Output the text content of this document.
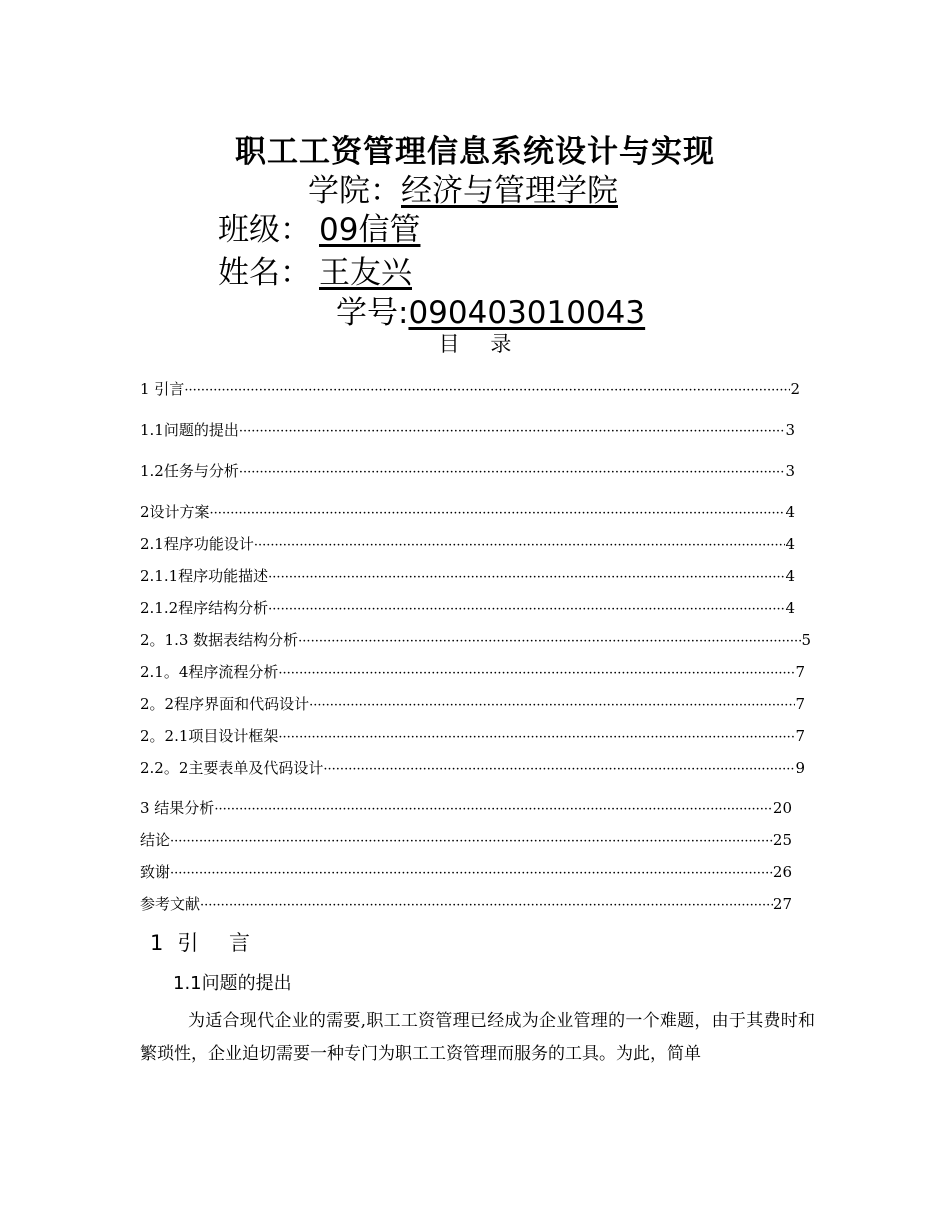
职工工资管理信息系统设计与实现
学院：经济与管理学院
班级： 09信管
姓名： 王友兴
学号:090403010043
目 录
1 引言 ·····	2
1.1问题的提出 ·····	3
1.2任务与分析 ·····	3
2设计方案 ·····	4
2.1程序功能设计 ·····	4
2.1.1程序功能描述 ·····	4
2.1.2程序结构分析 ·····	4
2。1.3 数据表结构分析 ·····	5
2.1。4程序流程分析 ·····	7
2。2程序界面和代码设计 ·····	7
2。2.1项目设计框架 ·····	7
2.2。2主要表单及代码设计 ·····	9
3 结果分析 ·····	20
结论 ·····	25
致谢 ·····	26
参考文献 ·····	27
1 引 言
1.1问题的提出
为适合现代企业的需要,职工工资管理已经成为企业管理的一个难题，由于其费时和繁琐性，企业迫切需要一种专门为职工工资管理而服务的工具。为此，简单
